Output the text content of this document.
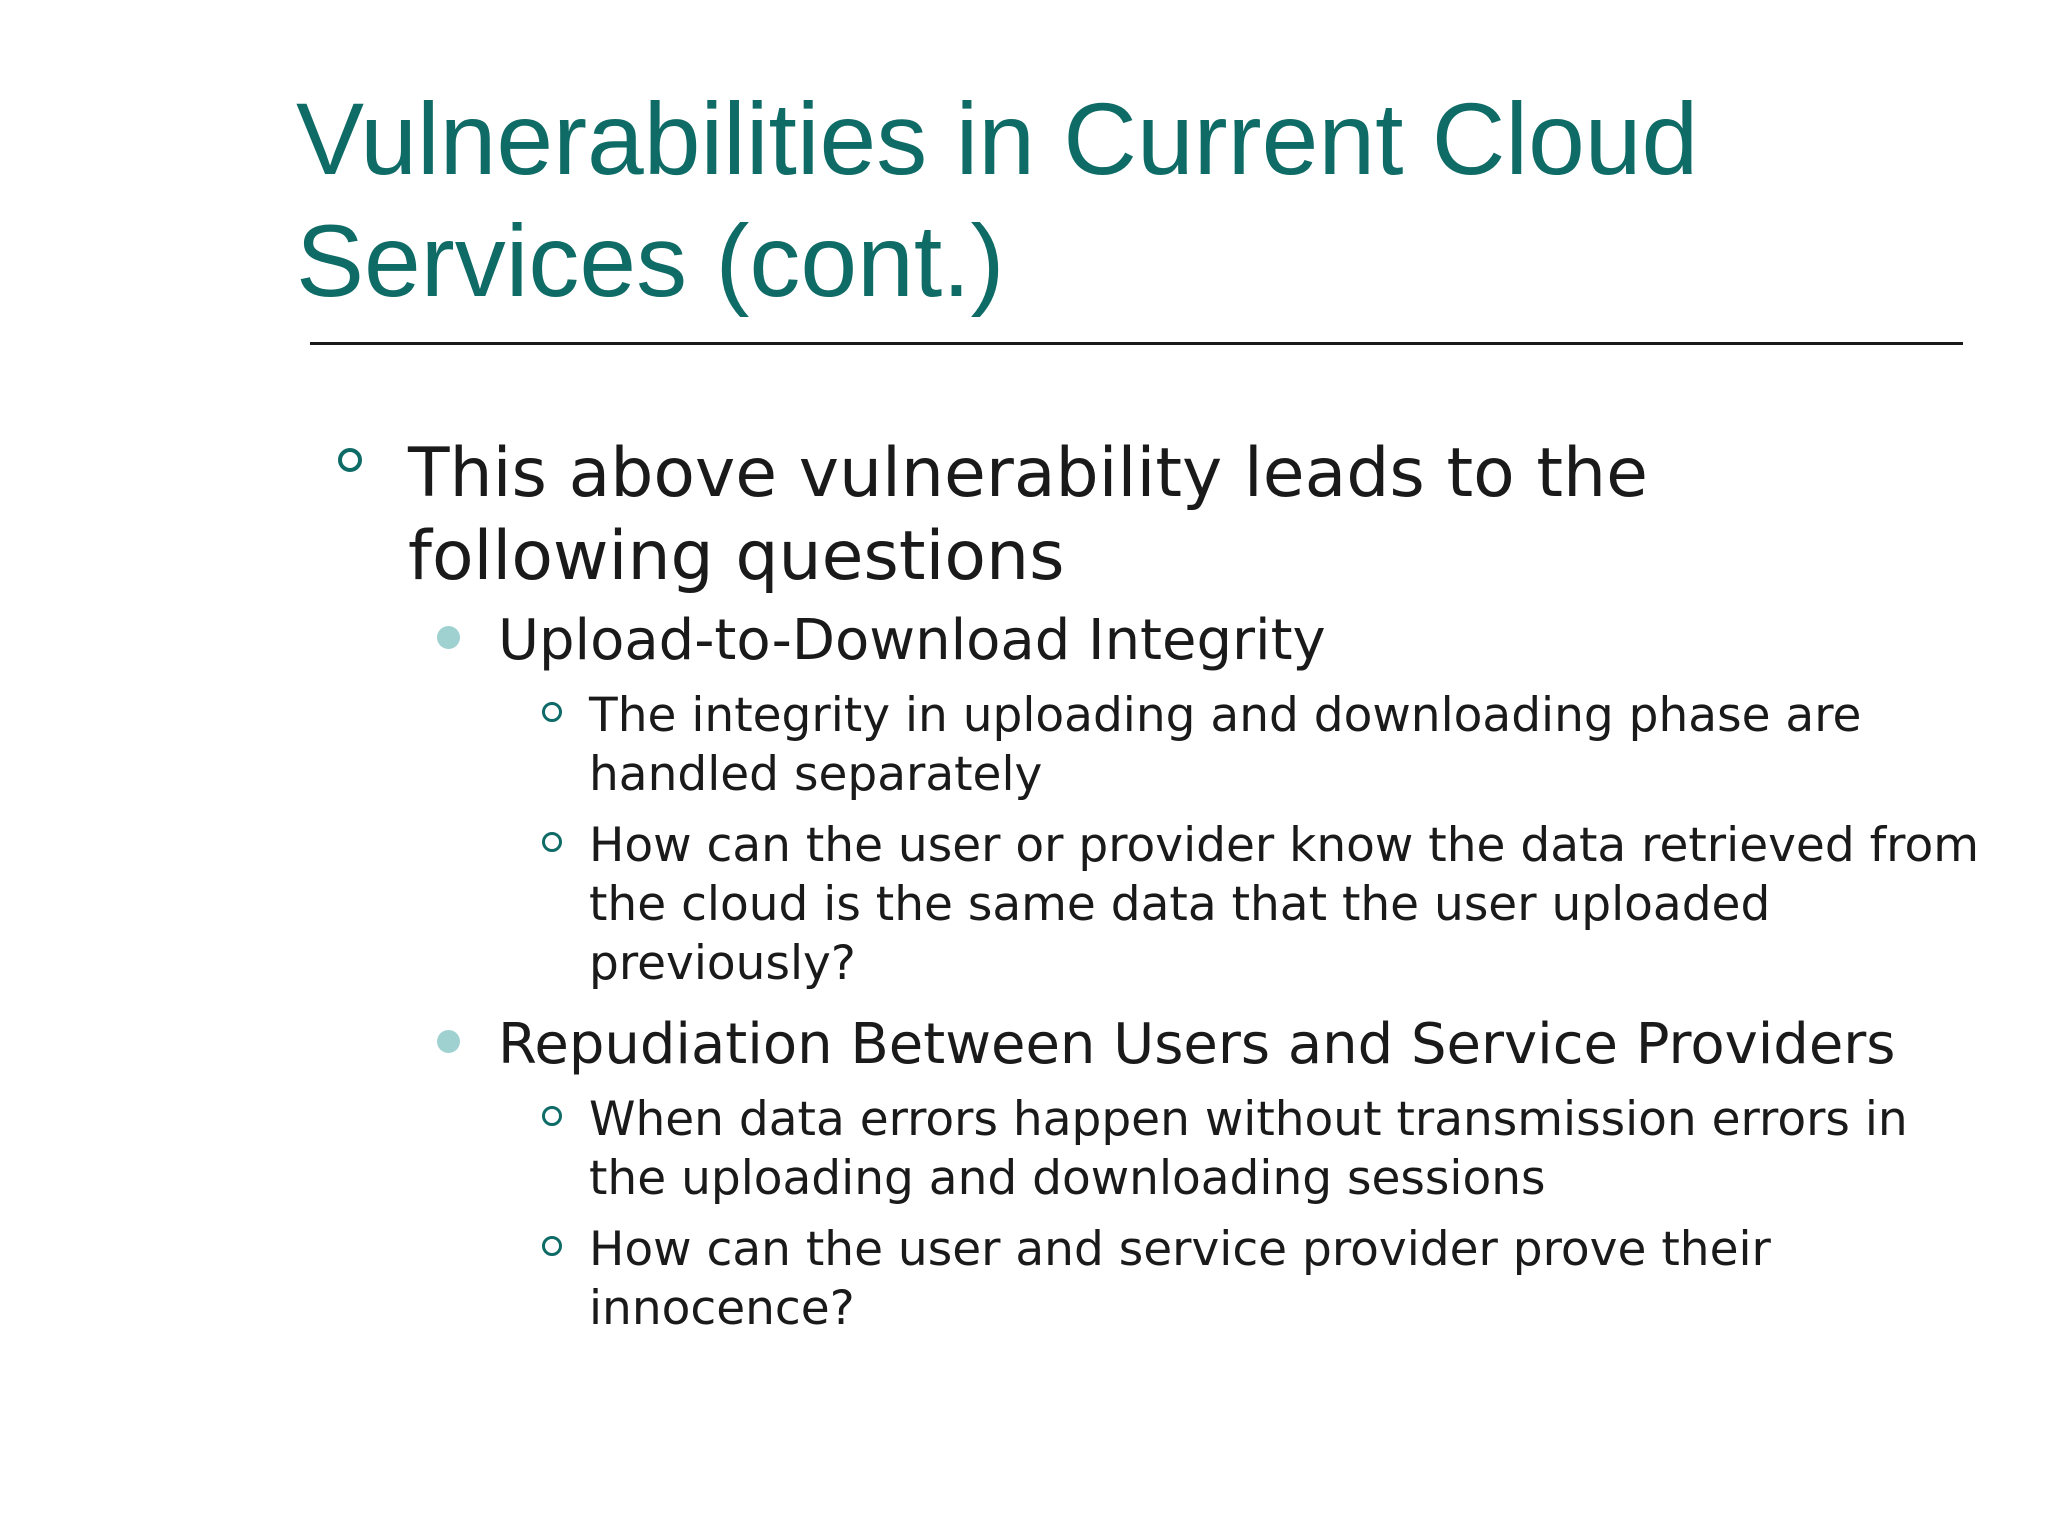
Vulnerabilities in Current Cloud
Services (cont.)
This above vulnerability leads to the following questions
Upload-to-Download Integrity
The integrity in uploading and downloading phase are handled separately
How can the user or provider know the data retrieved from the cloud is the same data that the user uploaded previously?
Repudiation Between Users and Service Providers
When data errors happen without transmission errors in the uploading and downloading sessions
How can the user and service provider prove their innocence?
